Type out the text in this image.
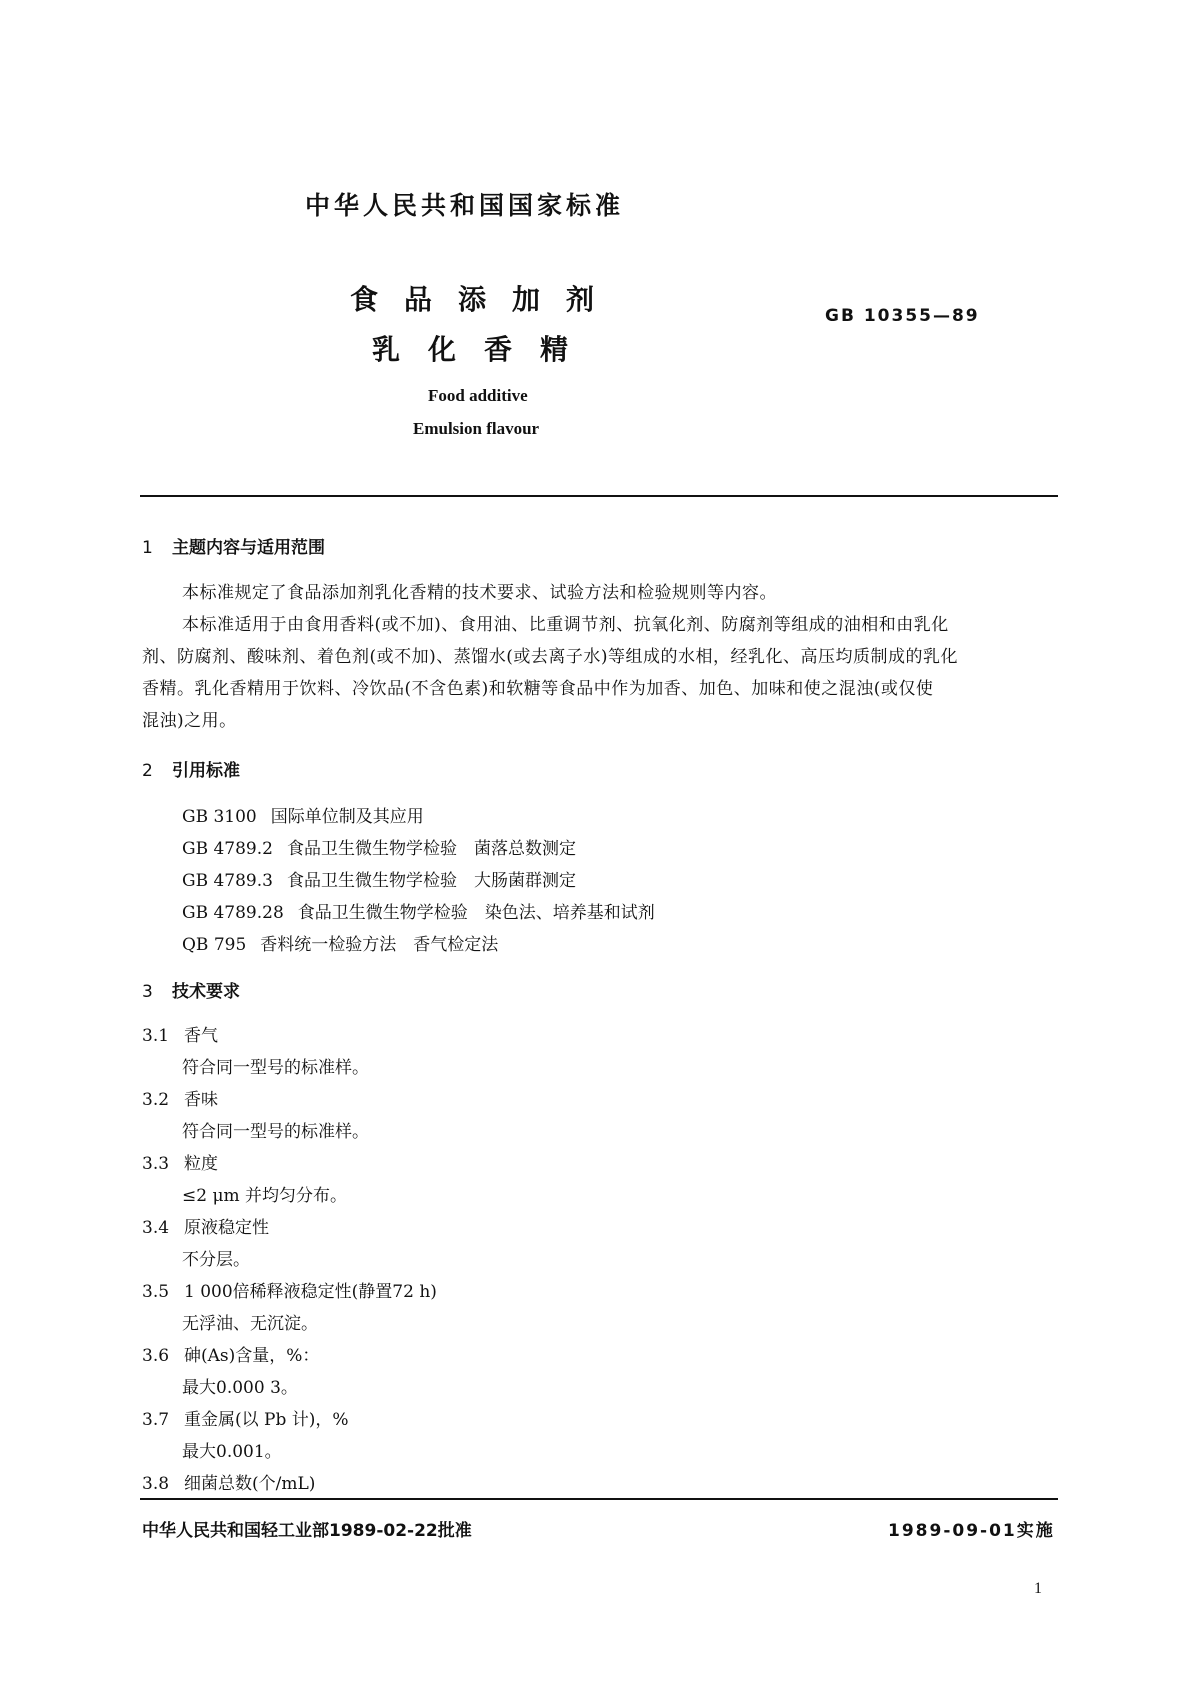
中华人民共和国国家标准
食品添加剂
乳化香精
GB 10355—89
Food additive
Emulsion flavour
1 主题内容与适用范围
本标准规定了食品添加剂乳化香精的技术要求、试验方法和检验规则等内容。
本标准适用于由食用香料(或不加)、食用油、比重调节剂、抗氧化剂、防腐剂等组成的油相和由乳化
剂、防腐剂、酸味剂、着色剂(或不加)、蒸馏水(或去离子水)等组成的水相，经乳化、高压均质制成的乳化
香精。乳化香精用于饮料、冷饮品(不含色素)和软糖等食品中作为加香、加色、加味和使之混浊(或仅使
混浊)之用。
2 引用标准
GB 3100 国际单位制及其应用
GB 4789.2 食品卫生微生物学检验　菌落总数测定
GB 4789.3 食品卫生微生物学检验　大肠菌群测定
GB 4789.28 食品卫生微生物学检验　染色法、培养基和试剂
QB 795 香料统一检验方法　香气检定法
3 技术要求
3.1 香气
符合同一型号的标准样。
3.2 香味
符合同一型号的标准样。
3.3 粒度
≤2 μm 并均匀分布。
3.4 原液稳定性
不分层。
3.5 1 000倍稀释液稳定性(静置72 h)
无浮油、无沉淀。
3.6 砷(As)含量，%：
最大0.000 3。
3.7 重金属(以 Pb 计)，%
最大0.001。
3.8 细菌总数(个/mL)
中华人民共和国轻工业部1989-02-22批准	1989-09-01实施
1
